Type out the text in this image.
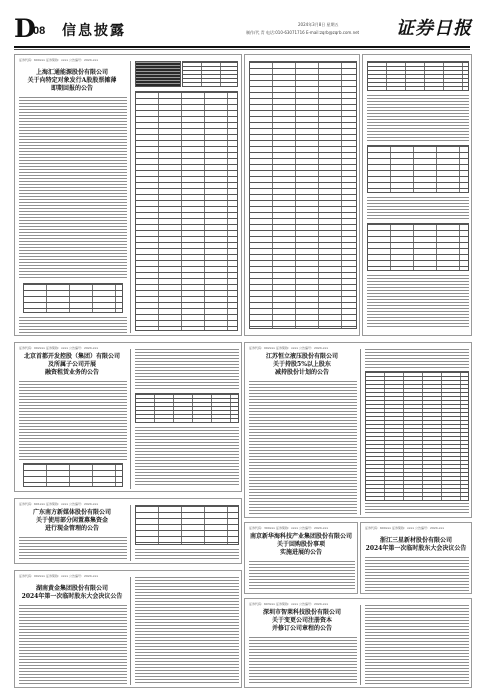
D
08 信息披露	2024年3月8日 星期五
制作/代 青 电话:010-63071716 E-mail:zqrb@zqrb.com.net 证券日报
证券代码：600xxx 证券简称：xxxx 公告编号：2024-xxx
上海汇通能源股份有限公司
关于向特定对象发行A股股票摊薄
即期回报的公告
证券代码：002xxx 证券简称：xxxx 公告编号：2024-xxx
北京首都开发控股（集团）有限公司
及所属子公司开展
融资租赁业务的公告
证券代码：002xxx 证券简称：xxxx 公告编号：2024-xxx
江苏恒立液压股份有限公司
关于持股5%以上股东
减持股份计划的公告
证券代码：601xxx 证券简称：xxxx 公告编号：2024-xxx
广东南方新媒体股份有限公司
关于使用部分闲置募集资金
进行现金管理的公告	证券代码：300xxx 证券简称：xxxx 公告编号：2024-xxx
南京新华海科技产业集团股份有限公司
关于回购股份事项
实施进展的公告
证券代码：600xxx 证券简称：xxxx 公告编号：2024-xxx
浙江三星新材股份有限公司
2024年第一次临时股东大会决议公告
证券代码：002xxx 证券简称：xxxx 公告编号：2024-xxx
湖南黄金集团股份有限公司
2024年第一次临时股东大会决议公告
证券代码：603xxx 证券简称：xxxx 公告编号：2024-xxx
深圳市智莱科技股份有限公司
关于变更公司注册资本
并修订公司章程的公告
